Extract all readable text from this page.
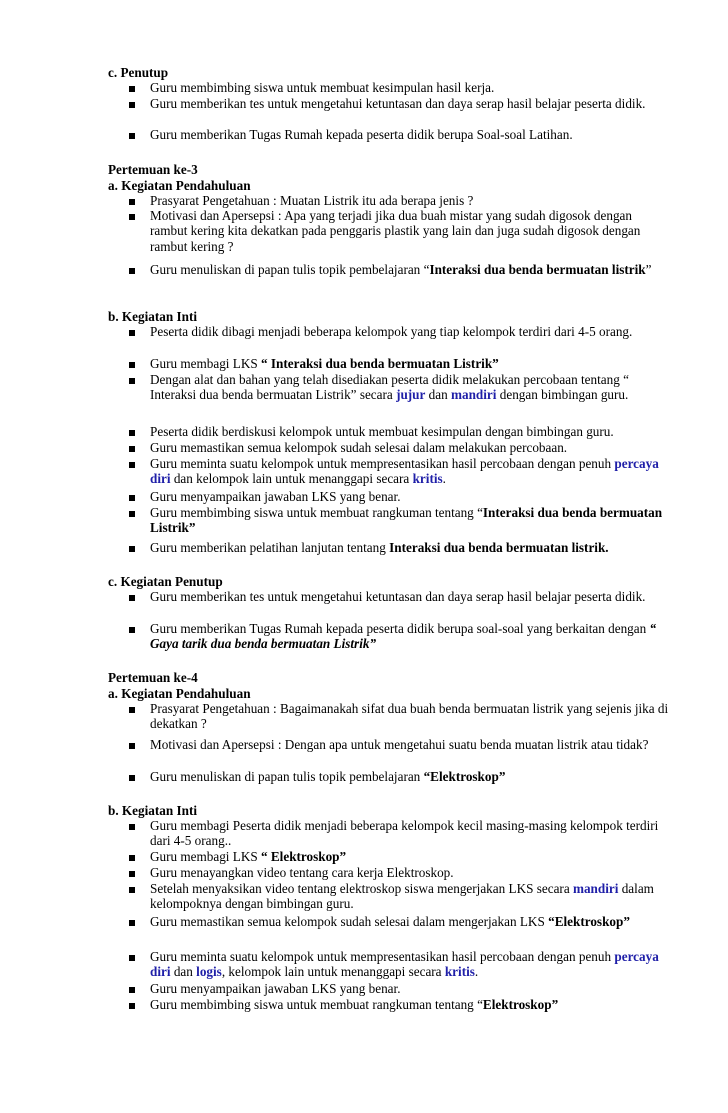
c. Penutup
Guru membimbing siswa untuk membuat kesimpulan hasil kerja.
Guru memberikan tes untuk mengetahui ketuntasan dan daya serap hasil belajar peserta didik.
Guru memberikan Tugas Rumah kepada peserta didik berupa Soal-soal Latihan.
Pertemuan ke-3
a. Kegiatan Pendahuluan
Prasyarat Pengetahuan : Muatan Listrik itu ada berapa jenis ?
Motivasi dan Apersepsi : Apa yang terjadi jika dua buah mistar yang sudah digosok dengan rambut kering kita dekatkan pada penggaris plastik yang lain dan juga sudah digosok dengan rambut kering ?
Guru menuliskan di papan tulis topik pembelajaran “Interaksi dua benda bermuatan listrik”
b. Kegiatan Inti
Peserta didik dibagi menjadi beberapa kelompok yang tiap kelompok terdiri dari 4-5 orang.
Guru membagi LKS “ Interaksi dua benda bermuatan Listrik”
Dengan alat dan bahan yang telah disediakan peserta didik melakukan percobaan tentang “ Interaksi dua benda bermuatan Listrik” secara jujur dan mandiri dengan bimbingan guru.
Peserta didik berdiskusi kelompok untuk membuat kesimpulan dengan bimbingan guru.
Guru memastikan semua kelompok sudah selesai dalam melakukan percobaan.
Guru meminta suatu kelompok untuk mempresentasikan hasil percobaan dengan penuh percaya diri dan kelompok lain untuk menanggapi secara kritis.
Guru menyampaikan jawaban LKS yang benar.
Guru membimbing siswa untuk membuat rangkuman tentang “Interaksi dua benda bermuatan Listrik”
Guru memberikan pelatihan lanjutan tentang Interaksi dua benda bermuatan listrik.
c. Kegiatan Penutup
Guru memberikan tes untuk mengetahui ketuntasan dan daya serap hasil belajar peserta didik.
Guru memberikan Tugas Rumah kepada peserta didik berupa soal-soal yang berkaitan dengan “ Gaya tarik dua benda bermuatan Listrik”
Pertemuan ke-4
a. Kegiatan Pendahuluan
Prasyarat Pengetahuan : Bagaimanakah sifat dua buah benda bermuatan listrik yang sejenis jika di dekatkan ?
Motivasi dan Apersepsi : Dengan apa untuk mengetahui suatu benda muatan listrik atau tidak?
Guru menuliskan di papan tulis topik pembelajaran “Elektroskop”
b. Kegiatan Inti
Guru membagi Peserta didik menjadi beberapa kelompok kecil masing-masing kelompok terdiri dari 4-5 orang..
Guru membagi LKS “ Elektroskop”
Guru menayangkan video tentang cara kerja Elektroskop.
Setelah menyaksikan video tentang elektroskop siswa mengerjakan LKS secara mandiri dalam kelompoknya dengan bimbingan guru.
Guru memastikan semua kelompok sudah selesai dalam mengerjakan LKS “Elektroskop”
Guru meminta suatu kelompok untuk mempresentasikan hasil percobaan dengan penuh percaya diri dan logis, kelompok lain untuk menanggapi secara kritis.
Guru menyampaikan jawaban LKS yang benar.
Guru membimbing siswa untuk membuat rangkuman tentang “Elektroskop”
